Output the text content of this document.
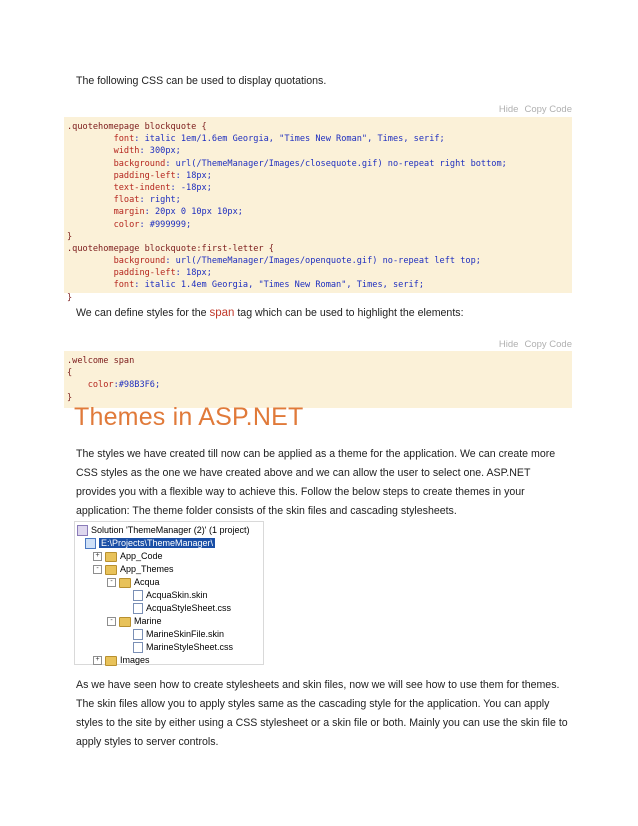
The following CSS can be used to display quotations.
Hide Copy Code
.quotehomepage blockquote {
font: italic 1em/1.6em Georgia, "Times New Roman", Times, serif;
width: 300px;
background: url(/ThemeManager/Images/closequote.gif) no-repeat right bottom;
padding-left: 18px;
text-indent: -18px;
float: right;
margin: 20px 0 10px 10px;
color: #999999;
}
.quotehomepage blockquote:first-letter {
background: url(/ThemeManager/Images/openquote.gif) no-repeat left top;
padding-left: 18px;
font: italic 1.4em Georgia, "Times New Roman", Times, serif;
}
We can define styles for the span tag which can be used to highlight the elements:
Hide Copy Code
.welcome span
{
color:#98B3F6;
}
Themes in ASP.NET
The styles we have created till now can be applied as a theme for the application. We can create more CSS styles as the one we have created above and we can allow the user to select one. ASP.NET provides you with a flexible way to achieve this. Follow the below steps to create themes in your application: The theme folder consists of the skin files and cascading stylesheets.
Solution 'ThemeManager (2)' (1 project)
E:\Projects\ThemeManager\
+ App_Code
- App_Themes
- Acqua
AcquaSkin.skin
AcquaStyleSheet.css
- Marine
MarineSkinFile.skin
MarineStyleSheet.css
+ Images
As we have seen how to create stylesheets and skin files, now we will see how to use them for themes. The skin files allow you to apply styles same as the cascading style for the application. You can apply styles to the site by either using a CSS stylesheet or a skin file or both. Mainly you can use the skin file to apply styles to server controls.
